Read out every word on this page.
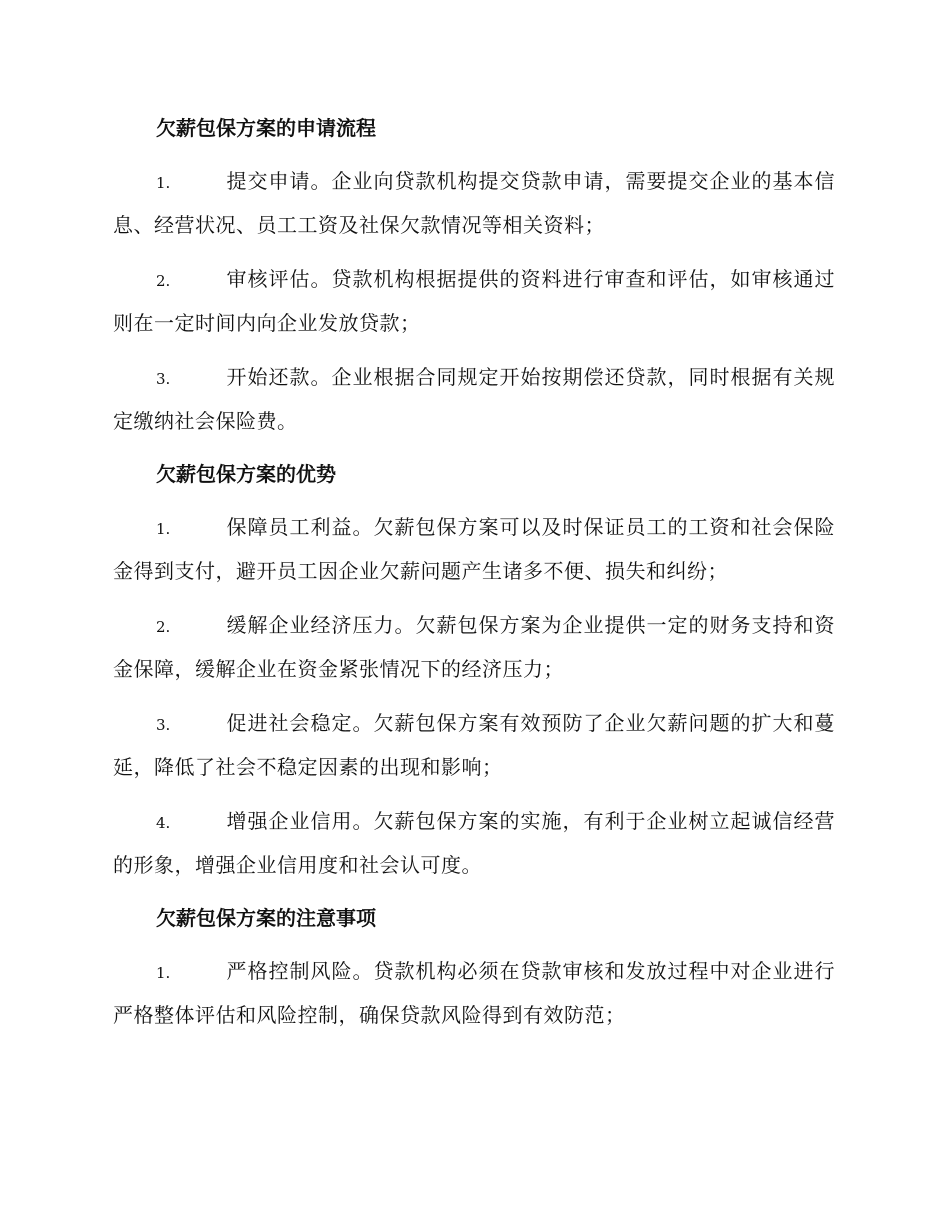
欠薪包保方案的申请流程
1.	提交申请。企业向贷款机构提交贷款申请，需要提交企业的基本信息、经营状况、员工工资及社保欠款情况等相关资料；
2.	审核评估。贷款机构根据提供的资料进行审查和评估，如审核通过则在一定时间内向企业发放贷款；
3.	开始还款。企业根据合同规定开始按期偿还贷款，同时根据有关规定缴纳社会保险费。
欠薪包保方案的优势
1.	保障员工利益。欠薪包保方案可以及时保证员工的工资和社会保险金得到支付，避开员工因企业欠薪问题产生诸多不便、损失和纠纷；
2.	缓解企业经济压力。欠薪包保方案为企业提供一定的财务支持和资金保障，缓解企业在资金紧张情况下的经济压力；
3.	促进社会稳定。欠薪包保方案有效预防了企业欠薪问题的扩大和蔓延，降低了社会不稳定因素的出现和影响；
4.	增强企业信用。欠薪包保方案的实施，有利于企业树立起诚信经营的形象，增强企业信用度和社会认可度。
欠薪包保方案的注意事项
1.	严格控制风险。贷款机构必须在贷款审核和发放过程中对企业进行严格整体评估和风险控制，确保贷款风险得到有效防范；
